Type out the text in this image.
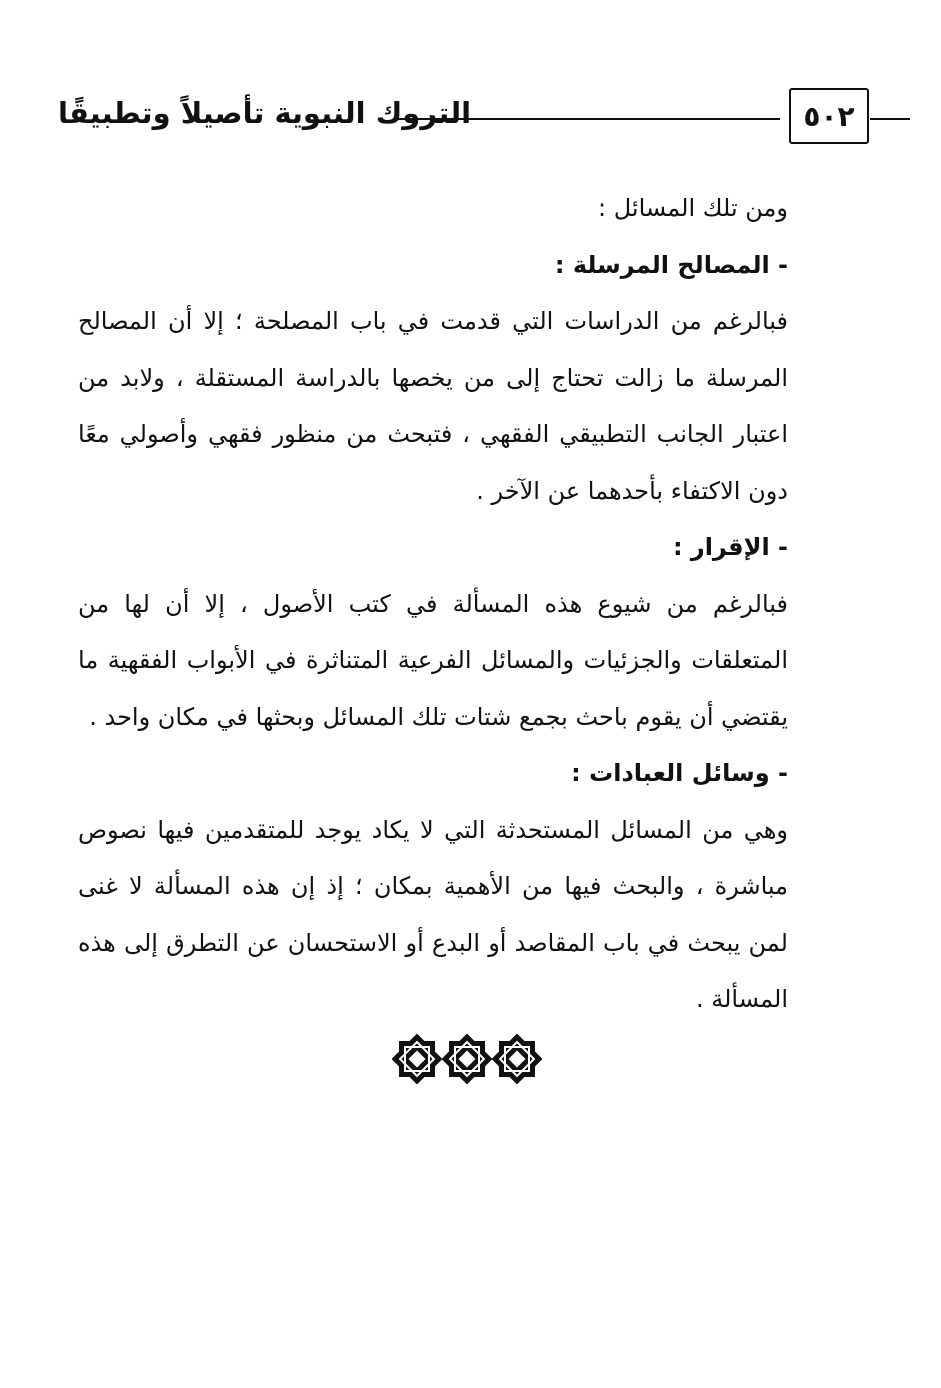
التروك النبوية تأصيلاً وتطبيقًا	٥٠٢

ومن تلك المسائل :

- المصالح المرسلة :

فبالرغم من الدراسات التي قدمت في باب المصلحة ؛ إلا أن المصالح المرسلة ما زالت تحتاج إلى من يخصها بالدراسة المستقلة ، ولابد من اعتبار الجانب التطبيقي الفقهي ، فتبحث من منظور فقهي وأصولي معًا دون الاكتفاء بأحدهما عن الآخر .

- الإقرار :

فبالرغم من شيوع هذه المسألة في كتب الأصول ، إلا أن لها من المتعلقات والجزئيات والمسائل الفرعية المتناثرة في الأبواب الفقهية ما يقتضي أن يقوم باحث بجمع شتات تلك المسائل وبحثها في مكان واحد .

- وسائل العبادات :

وهي من المسائل المستحدثة التي لا يكاد يوجد للمتقدمين فيها نصوص مباشرة ، والبحث فيها من الأهمية بمكان ؛ إذ إن هذه المسألة لا غنى لمن يبحث في باب المقاصد أو البدع أو الاستحسان عن التطرق إلى هذه المسألة .
